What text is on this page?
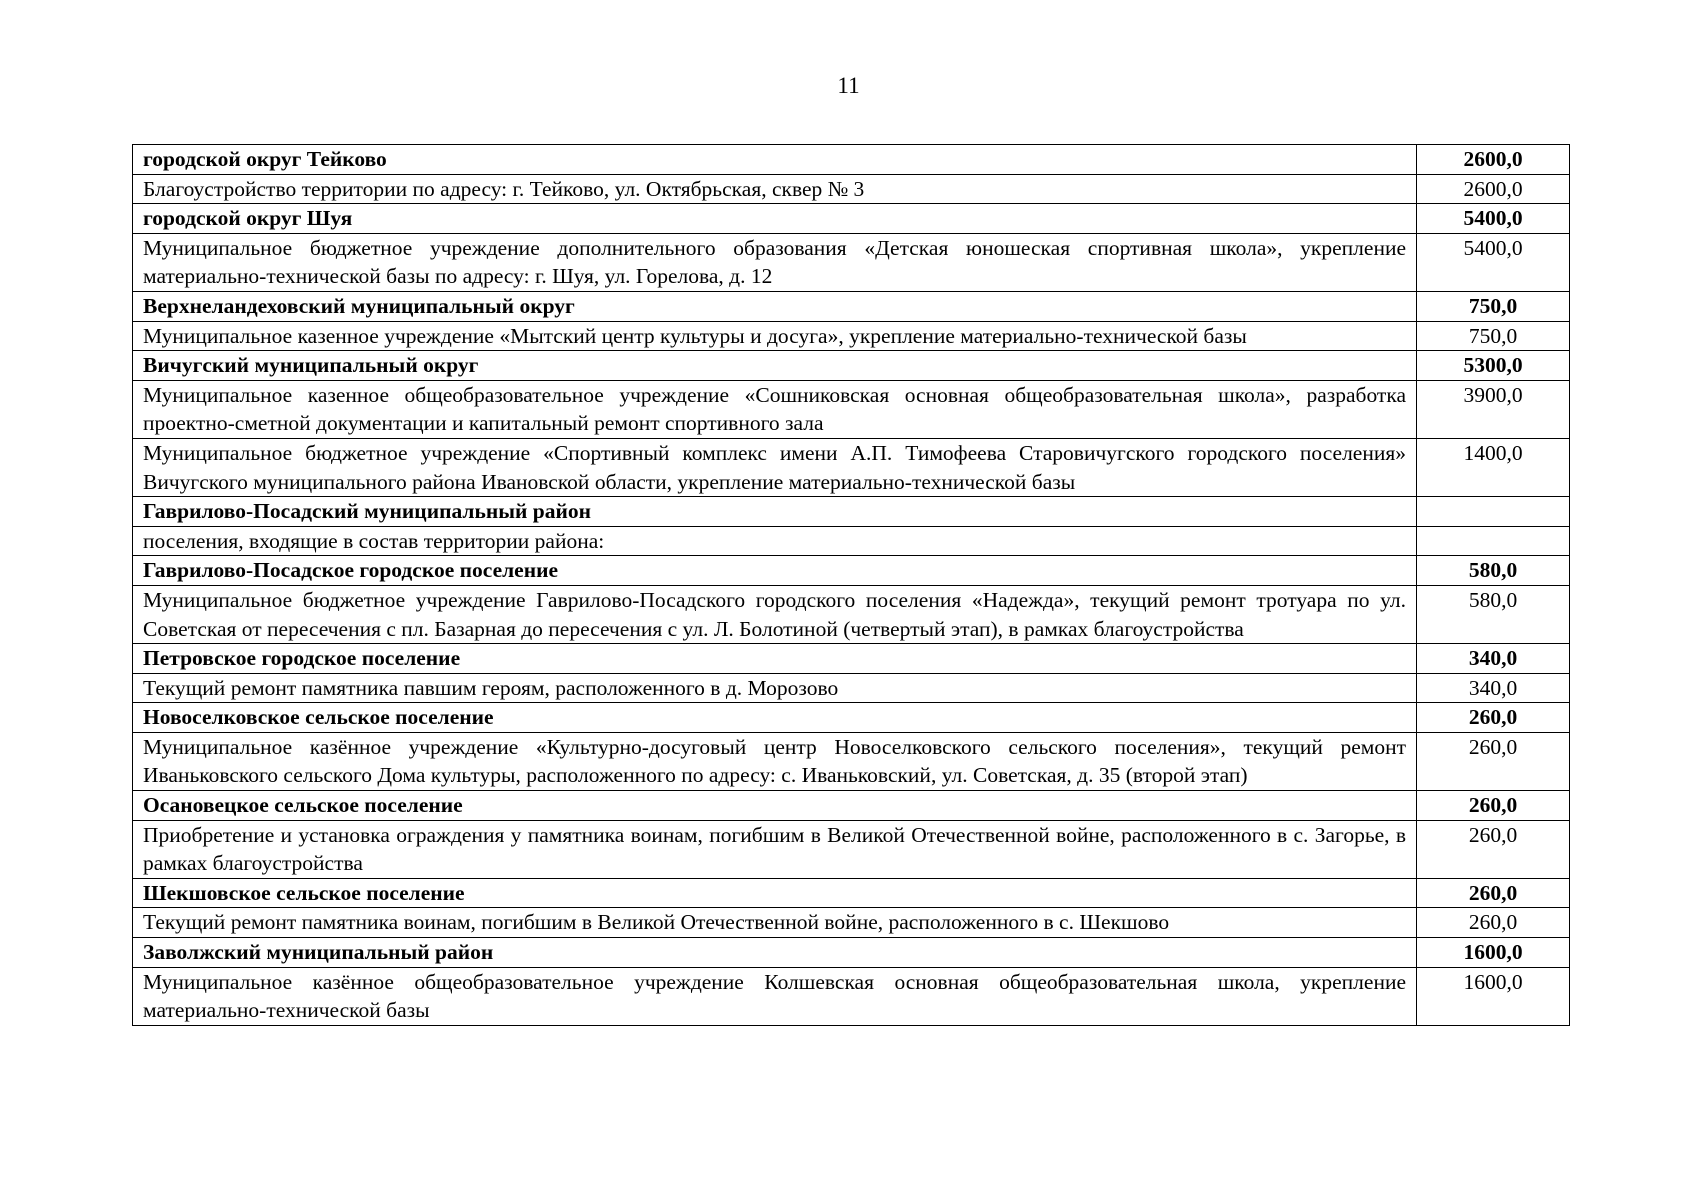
11
городской округ Тейково	2600,0
Благоустройство территории по адресу: г. Тейково, ул. Октябрьская, сквер № 3	2600,0
городской округ Шуя	5400,0
Муниципальное бюджетное учреждение дополнительного образования «Детская юношеская спортивная школа», укрепление материально-технической базы по адресу: г. Шуя, ул. Горелова, д. 12	5400,0
Верхнеландеховский муниципальный округ	750,0
Муниципальное казенное учреждение «Мытский центр культуры и досуга», укрепление материально-технической базы	750,0
Вичугский муниципальный округ	5300,0
Муниципальное казенное общеобразовательное учреждение «Сошниковская основная общеобразовательная школа», разработка проектно-сметной документации и капитальный ремонт спортивного зала	3900,0
Муниципальное бюджетное учреждение «Спортивный комплекс имени А.П. Тимофеева Старовичугского городского поселения» Вичугского муниципального района Ивановской области, укрепление материально-технической базы	1400,0
Гаврилово-Посадский муниципальный район	
поселения, входящие в состав территории района:	
Гаврилово-Посадское городское поселение	580,0
Муниципальное бюджетное учреждение Гаврилово-Посадского городского поселения «Надежда», текущий ремонт тротуара по ул. Советская от пересечения с пл. Базарная до пересечения с ул. Л. Болотиной (четвертый этап), в рамках благоустройства	580,0
Петровское городское поселение	340,0
Текущий ремонт памятника павшим героям, расположенного в д. Морозово	340,0
Новоселковское сельское поселение	260,0
Муниципальное казённое учреждение «Культурно-досуговый центр Новоселковского сельского поселения», текущий ремонт Иваньковского сельского Дома культуры, расположенного по адресу: с. Иваньковский, ул. Советская, д. 35 (второй этап)	260,0
Осановецкое сельское поселение	260,0
Приобретение и установка ограждения у памятника воинам, погибшим в Великой Отечественной войне, расположенного в с. Загорье, в рамках благоустройства	260,0
Шекшовское сельское поселение	260,0
Текущий ремонт памятника воинам, погибшим в Великой Отечественной войне, расположенного в с. Шекшово	260,0
Заволжский муниципальный район	1600,0
Муниципальное казённое общеобразовательное учреждение Колшевская основная общеобразовательная школа, укрепление материально-технической базы	1600,0
